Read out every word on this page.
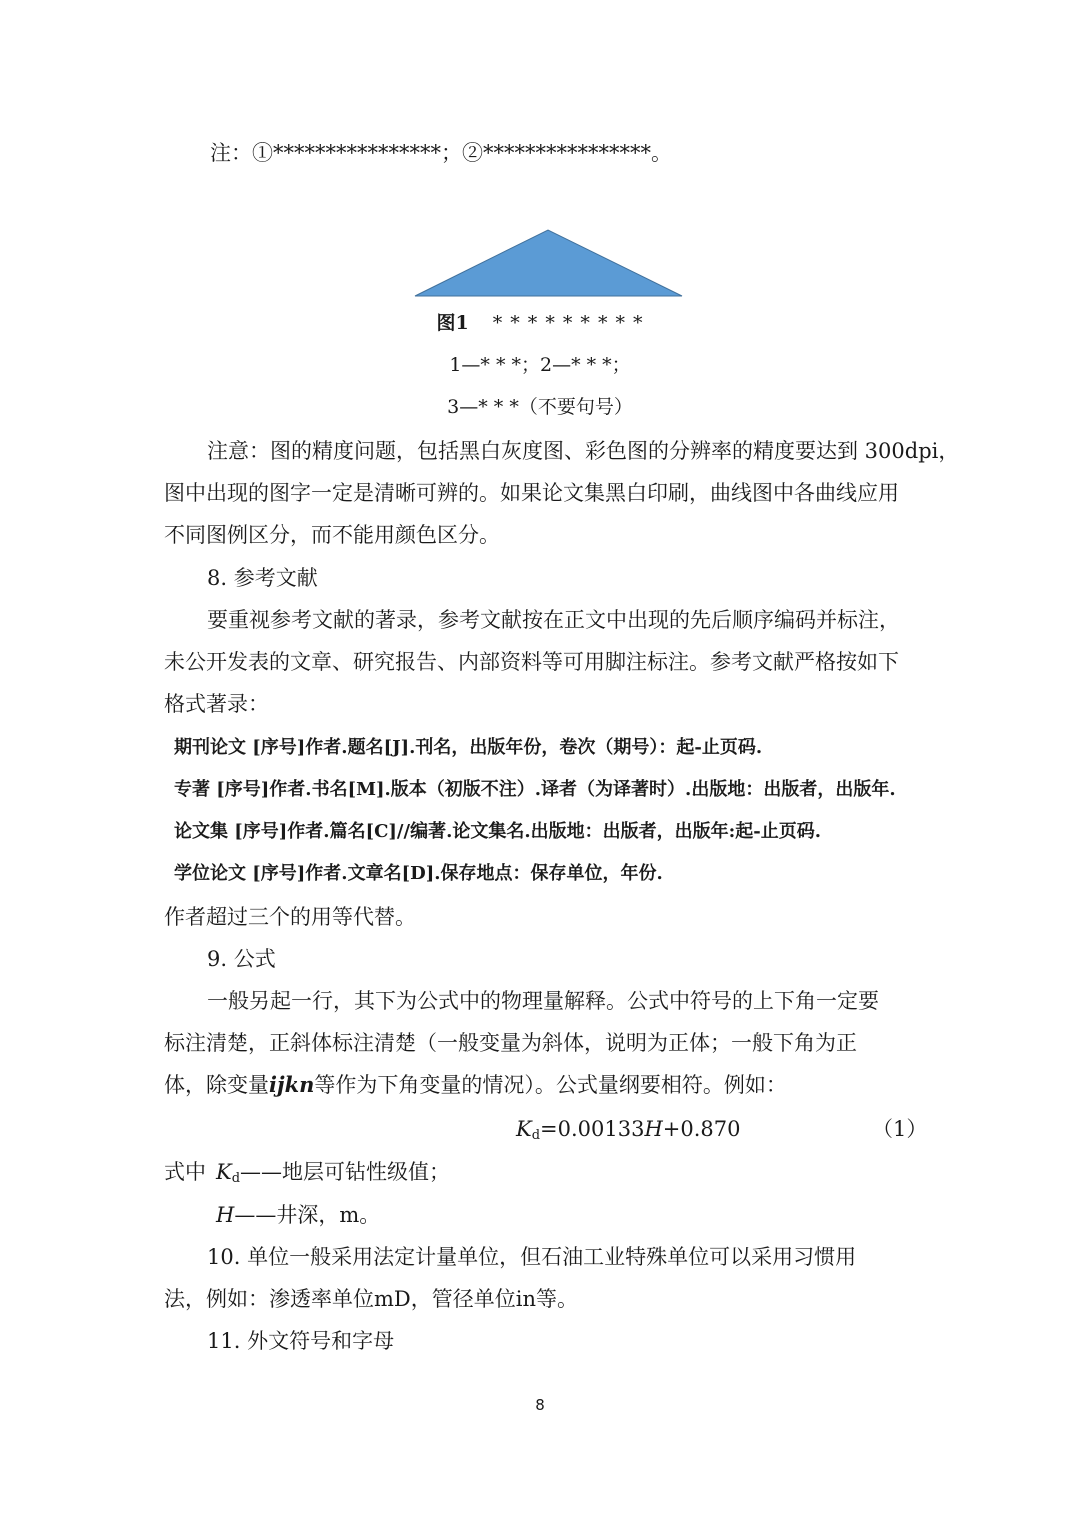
注：①****************；②****************。
图1 * * * * * * * * *
1—* * *；2—* * *；
3—* * *（不要句号）
注意：图的精度问题，包括黑白灰度图、彩色图的分辨率的精度要达到 300dpi，
图中出现的图字一定是清晰可辨的。如果论文集黑白印刷，曲线图中各曲线应用
不同图例区分，而不能用颜色区分。
8. 参考文献
要重视参考文献的著录，参考文献按在正文中出现的先后顺序编码并标注，
未公开发表的文章、研究报告、内部资料等可用脚注标注。参考文献严格按如下
格式著录：
期刊论文 [序号]作者.题名[J].刊名，出版年份，卷次（期号）：起-止页码.
专著 [序号]作者.书名[M].版本（初版不注）.译者（为译著时）.出版地：出版者，出版年.
论文集 [序号]作者.篇名[C]//编著.论文集名.出版地：出版者，出版年:起-止页码.
学位论文 [序号]作者.文章名[D].保存地点：保存单位，年份.
作者超过三个的用等代替。
9. 公式
一般另起一行，其下为公式中的物理量解释。公式中符号的上下角一定要
标注清楚，正斜体标注清楚（一般变量为斜体，说明为正体；一般下角为正
体，除变量ijkn等作为下角变量的情况）。公式量纲要相符。例如：
$K_d=0.00133H+0.870$	（1）
式中 $K_d——$地层可钻性级值；
H——井深，m。
10. 单位一般采用法定计量单位，但石油工业特殊单位可以采用习惯用
法，例如：渗透率单位mD，管径单位in等。
11. 外文符号和字母
8
